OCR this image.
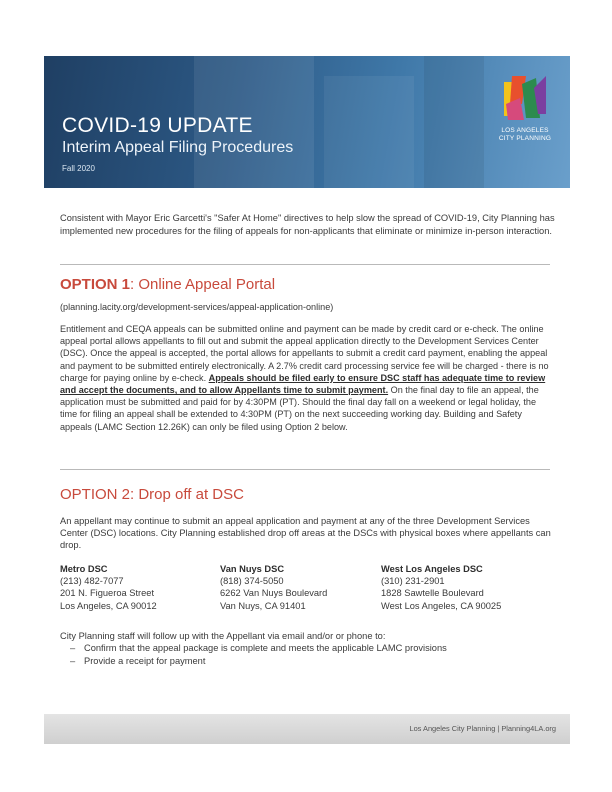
COVID-19 UPDATE
Interim Appeal Filing Procedures
Fall 2020
LOS ANGELES
CITY PLANNING
Consistent with Mayor Eric Garcetti's "Safer At Home" directives to help slow the spread of COVID-19, City Planning has implemented new procedures for the filing of appeals for non-applicants that eliminate or minimize in-person interaction.
OPTION 1: Online Appeal Portal
(planning.lacity.org/development-services/appeal-application-online)
Entitlement and CEQA appeals can be submitted online and payment can be made by credit card or e-check. The online appeal portal allows appellants to fill out and submit the appeal application directly to the Development Services Center (DSC). Once the appeal is accepted, the portal allows for appellants to submit a credit card payment, enabling the appeal and payment to be submitted entirely electronically. A 2.7% credit card processing service fee will be charged - there is no charge for paying online by e-check. Appeals should be filed early to ensure DSC staff has adequate time to review and accept the documents, and to allow Appellants time to submit payment. On the final day to file an appeal, the application must be submitted and paid for by 4:30PM (PT). Should the final day fall on a weekend or legal holiday, the time for filing an appeal shall be extended to 4:30PM (PT) on the next succeeding working day. Building and Safety appeals (LAMC Section 12.26K) can only be filed using Option 2 below.
OPTION 2: Drop off at DSC
An appellant may continue to submit an appeal application and payment at any of the three Development Services Center (DSC) locations. City Planning established drop off areas at the DSCs with physical boxes where appellants can drop.
Metro DSC
(213) 482-7077
201 N. Figueroa Street
Los Angeles, CA 90012
Van Nuys DSC
(818) 374-5050
6262 Van Nuys Boulevard
Van Nuys, CA 91401
West Los Angeles DSC
(310) 231-2901
1828 Sawtelle Boulevard
West Los Angeles, CA 90025
City Planning staff will follow up with the Appellant via email and/or or phone to:
– Confirm that the appeal package is complete and meets the applicable LAMC provisions
– Provide a receipt for payment
Los Angeles City Planning | Planning4LA.org
